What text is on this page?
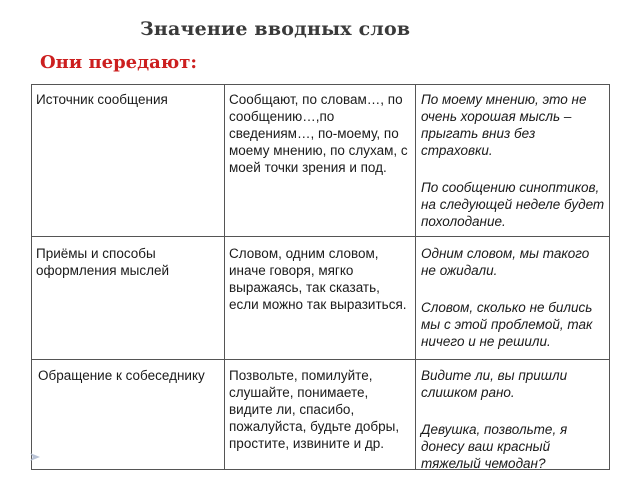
Значение вводных слов
Они передают:
Источник сообщения	Сообщают, по словам…, по сообщению…,по сведениям…, по-моему, по моему мнению, по слухам, с моей точки зрения и под.

По моему мнению, это не очень хорошая мысль – прыгать вниз без страховки.

По сообщению синоптиков, на следующей неделе будет похолодание.

Приёмы и способы оформления мыслей
Словом, одним словом, иначе говоря, мягко выражаясь, так сказать, если можно так выразиться.

Одним словом, мы такого не ожидали.

Словом, сколько не бились мы с этой проблемой, так ничего и не решили.

Обращение к собеседнику	Позвольте, помилуйте, слушайте, понимаете, видите ли, спасибо, пожалуйста, будьте добры, простите, извините и др.

Видите ли, вы пришли слишком рано.

Девушка, позвольте, я донесу ваш красный тяжелый чемодан?
